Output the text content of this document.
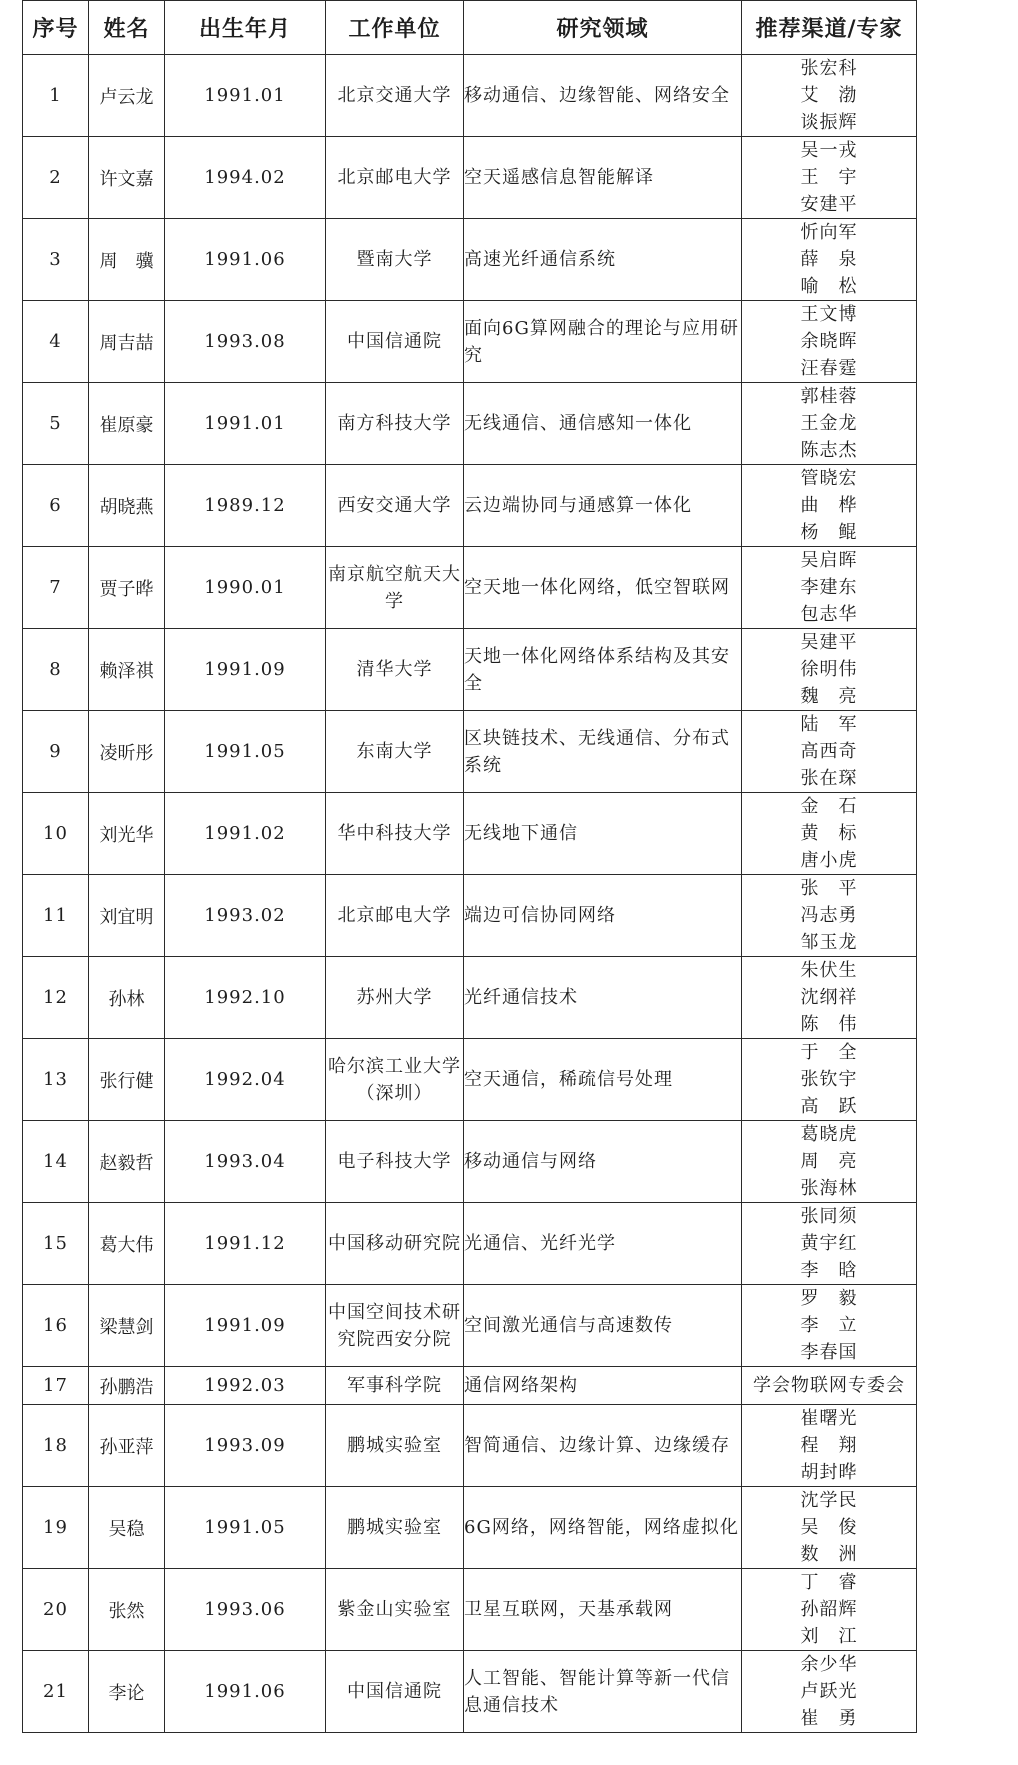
序号	姓名	出生年月	工作单位	研究领域	推荐渠道/专家
1	卢云龙	1991.01	北京交通大学	移动通信、边缘智能、网络安全	张宏科
艾　渤
谈振辉

2	许文嘉	1994.02	北京邮电大学	空天遥感信息智能解译	吴一戎
王　宇
安建平

3	周　骥	1991.06	暨南大学	高速光纤通信系统	忻向军
薛　泉
喻　松

4	周吉喆	1993.08	中国信通院	面向6G算网融合的理论与应用研究	王文博
余晓晖
汪春霆

5	崔原豪	1991.01	南方科技大学	无线通信、通信感知一体化	郭桂蓉
王金龙
陈志杰

6	胡晓燕	1989.12	西安交通大学	云边端协同与通感算一体化	管晓宏
曲　桦
杨　鲲

7	贾子晔	1990.01	南京航空航天大学	空天地一体化网络，低空智联网	吴启晖
李建东
包志华

8	赖泽祺	1991.09	清华大学	天地一体化网络体系结构及其安全	吴建平
徐明伟
魏　亮

9	凌昕彤	1991.05	东南大学	区块链技术、无线通信、分布式系统	陆　军
高西奇
张在琛

10	刘光华	1991.02	华中科技大学	无线地下通信	金　石
黄　标
唐小虎

11	刘宜明	1993.02	北京邮电大学	端边可信协同网络	张　平
冯志勇
邹玉龙

12	孙林	1992.10	苏州大学	光纤通信技术	朱伏生
沈纲祥
陈　伟

13	张行健	1992.04	哈尔滨工业大学（深圳）	空天通信，稀疏信号处理	于　全
张钦宇
高　跃

14	赵毅哲	1993.04	电子科技大学	移动通信与网络	葛晓虎
周　亮
张海林

15	葛大伟	1991.12	中国移动研究院	光通信、光纤光学	张同须
黄宇红
李　晗

16	梁慧剑	1991.09	中国空间技术研究院西安分院	空间激光通信与高速数传	罗　毅
李　立
李春国

17	孙鹏浩	1992.03	军事科学院	通信网络架构	学会物联网专委会

18	孙亚萍	1993.09	鹏城实验室	智简通信、边缘计算、边缘缓存	崔曙光
程　翔
胡封晔

19	吴稳	1991.05	鹏城实验室	6G网络，网络智能，网络虚拟化	沈学民
吴　俊
数　洲

20	张然	1993.06	紫金山实验室	卫星互联网，天基承载网	丁　睿
孙韶辉
刘　江

21	李论	1991.06	中国信通院	人工智能、智能计算等新一代信息通信技术	余少华
卢跃光
崔　勇
